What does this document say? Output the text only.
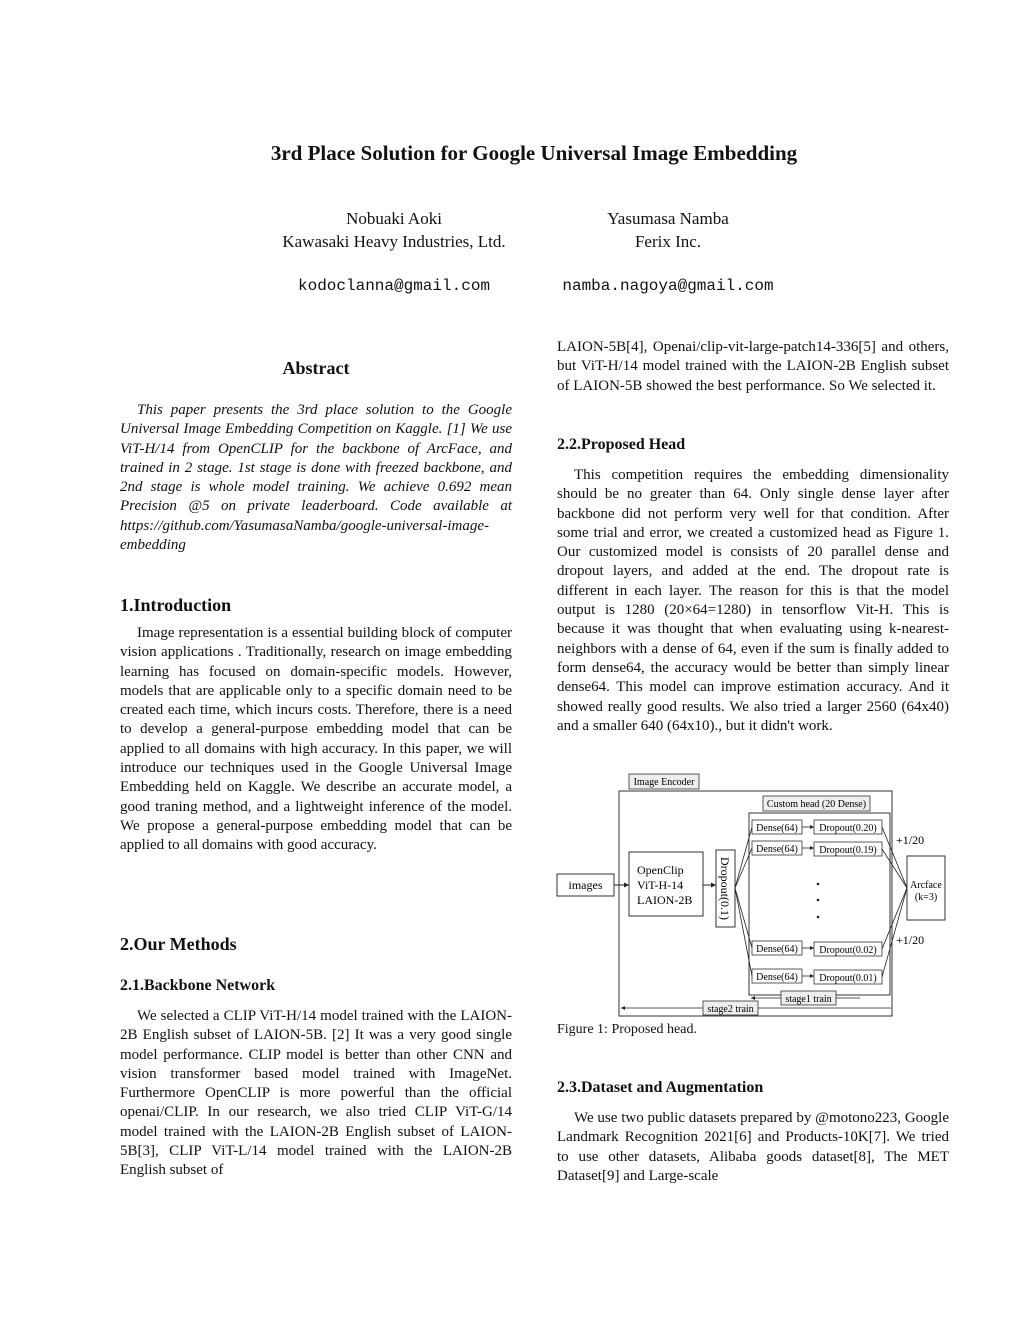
3rd Place Solution for Google Universal Image Embedding
Nobuaki Aoki
Kawasaki Heavy Industries, Ltd.
Yasumasa Namba
Ferix Inc.
kodoclanna@gmail.com	namba.nagoya@gmail.com
Abstract

This paper presents the 3rd place solution to the Google Universal Image Embedding Competition on Kaggle. [1] We use ViT-H/14 from OpenCLIP for the backbone of ArcFace, and trained in 2 stage. 1st stage is done with freezed backbone, and 2nd stage is whole model training. We achieve 0.692 mean Precision @5 on private leaderboard. Code available at https://github.com/YasumasaNamba/google-universal-image-embedding

1.Introduction

Image representation is a essential building block of computer vision applications . Traditionally, research on image embedding learning has focused on domain-specific models. However, models that are applicable only to a specific domain need to be created each time, which incurs costs. Therefore, there is a need to develop a general-purpose embedding model that can be applied to all domains with high accuracy. In this paper, we will introduce our techniques used in the Google Universal Image Embedding held on Kaggle. We describe an accurate model, a good traning method, and a lightweight inference of the model. We propose a general-purpose embedding model that can be applied to all domains with good accuracy.

2.Our Methods
2.1.Backbone Network

We selected a CLIP ViT-H/14 model trained with the LAION-2B English subset of LAION-5B. [2] It was a very good single model performance. CLIP model is better than other CNN and vision transformer based model trained with ImageNet. Furthermore OpenCLIP is more powerful than the official openai/CLIP. In our research, we also tried CLIP ViT-G/14 model trained with the LAION-2B English subset of LAION-5B[3], CLIP ViT-L/14 model trained with the LAION-2B English subset of

LAION-5B[4], Openai/clip-vit-large-patch14-336[5] and others, but ViT-H/14 model trained with the LAION-2B English subset of LAION-5B showed the best performance. So We selected it.

2.2.Proposed Head

This competition requires the embedding dimensionality should be no greater than 64. Only single dense layer after backbone did not perform very well for that condition. After some trial and error, we created a customized head as Figure 1. Our customized model is consists of 20 parallel dense and dropout layers, and added at the end. The dropout rate is different in each layer. The reason for this is that the model output is 1280 (20×64=1280) in tensorflow Vit-H. This is because it was thought that when evaluating using k-nearest-neighbors with a dense of 64, even if the sum is finally added to form dense64, the accuracy would be better than simply linear dense64. This model can improve estimation accuracy. And it showed really good results. We also tried a larger 2560 (64x40) and a smaller 640 (64x10)., but it didn't work.

Image Encoder
Custom head (20 Dense)
images
OpenClip
ViT-H-14
LAION-2B Dropout(0.1)	Arcface
(k=3)
Dense(64) Dropout(0.20)
Dense(64) Dropout(0.19)
Dense(64) Dropout(0.02)
Dense(64) Dropout(0.01)
+1/20
+1/20
stage1 train
stage2 train
Figure 1: Proposed head.
2.3.Dataset and Augmentation

We use two public datasets prepared by @motono223, Google Landmark Recognition 2021[6] and Products-10K[7]. We tried to use other datasets, Alibaba goods dataset[8], The MET Dataset[9] and Large-scale
